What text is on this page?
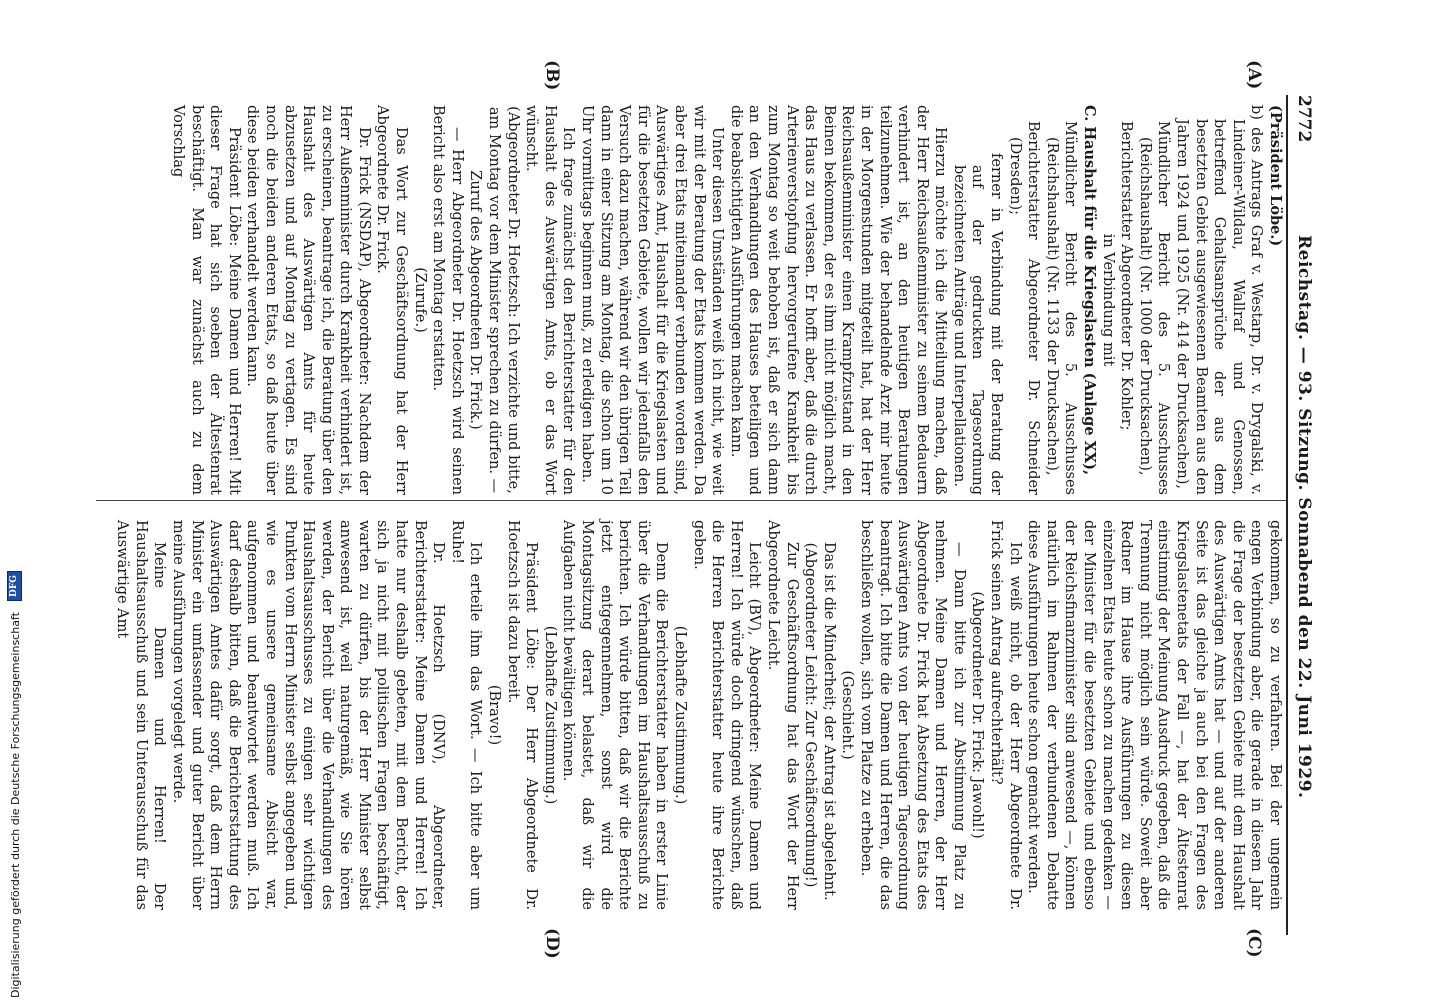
2772
Reichstag. — 93. Sitzung. Sonnabend den 22. Juni 1929.
(A)
(B)
(C)
(D)

(Präsident Löbe.)

b) des Antrags Graf v. Westarp, Dr. v. Drygalski, v. Lindeiner-Wildau, Wallraf und Genossen, betreffend Gehaltsansprüche der aus dem besetzten Gebiet ausgewiesenen Beamten aus den Jahren 1924 und 1925 (Nr. 414 der Drucksachen),

Mündlicher Bericht des 5. Ausschusses (Reichshaushalt) (Nr. 1000 der Drucksachen),

Berichterstatter Abgeordneter Dr. Kohler;

in Verbindung mit

C. Haushalt für die Kriegslasten (Anlage XX),

Mündlicher Bericht des 5. Ausschusses (Reichshaushalt) (Nr. 1133 der Drucksachen),

Berichterstatter Abgeordneter Dr. Schneider (Dresden);

ferner in Verbindung mit der Beratung der auf der gedruckten Tagesordnung bezeichneten Anträge und Interpellationen.

Hierzu möchte ich die Mitteilung machen, daß der Herr Reichsaußenminister zu seinem Bedauern verhindert ist, an den heutigen Beratungen teilzunehmen. Wie der behandelnde Arzt mir heute in der Morgenstunden mitgeteilt hat, hat der Herr Reichsaußenminister einen Krampfzustand in den Beinen bekommen, der es ihm nicht möglich macht, das Haus zu verlassen. Er hofft aber, daß die durch Arterienverstopfung hervorgerufene Krankheit bis zum Montag so weit behoben ist, daß er sich dann an den Verhandlungen des Hauses beteiligen und die beabsichtigten Ausführungen machen kann.

Unter diesen Umständen weiß ich nicht, wie weit wir mit der Beratung der Etats kommen werden. Da aber drei Etats miteinander verbunden worden sind, Auswärtiges Amt, Haushalt für die Kriegslasten und für die besetzten Gebiete, wollen wir jedenfalls den Versuch dazu machen, während wir den übrigen Teil dann in einer Sitzung am Montag, die schon um 10 Uhr vormittags beginnen muß, zu erledigen haben.

Ich frage zunächst den Berichterstatter für den Haushalt des Auswärtigen Amts, ob er das Wort wünscht.

(Abgeordneter Dr. Hoetzsch: Ich verzichte und bitte, am Montag vor dem Minister sprechen zu dürfen. — Zuruf des Abgeordneten Dr. Frick.)

— Herr Abgeordneter Dr. Hoetzsch wird seinen Bericht also erst am Montag erstatten.

(Zurufe.)

Das Wort zur Geschäftsordnung hat der Herr Abgeordnete Dr. Frick.

Dr. Frick (NSDAP), Abgeordneter: Nachdem der Herr Außenminister durch Krankheit verhindert ist, zu erscheinen, beantrage ich, die Beratung über den Haushalt des Auswärtigen Amts für heute abzusetzen und auf Montag zu vertagen. Es sind noch die beiden anderen Etats, so daß heute über diese beiden verhandelt werden kann.

Präsident Löbe: Meine Damen und Herren! Mit dieser Frage hat sich soeben der Ältestenrat beschäftigt. Man war zunächst auch zu dem Vorschlag

gekommen, so zu verfahren. Bei der ungemein engen Verbindung aber, die gerade in diesem Jahr die Frage der besetzten Gebiete mit dem Haushalt des Auswärtigen Amts hat — und auf der anderen Seite ist das gleiche ja auch bei den Fragen des Kriegslastenetats der Fall —, hat der Ältestenrat einstimmig der Meinung Ausdruck gegeben, daß die Trennung nicht möglich sein würde. Soweit aber Redner im Hause ihre Ausführungen zu diesen einzelnen Etats heute schon zu machen gedenken — der Minister für die besetzten Gebiete und ebenso der Reichsfinanzminister sind anwesend —, können natürlich im Rahmen der verbundenen Debatte diese Ausführungen heute schon gemacht werden.

Ich weiß nicht, ob der Herr Abgeordnete Dr. Frick seinen Antrag aufrechterhält?

(Abgeordneter Dr. Frick: Jawohl!)

— Dann bitte ich zur Abstimmung Platz zu nehmen. Meine Damen und Herren, der Herr Abgeordnete Dr. Frick hat Absetzung des Etats des Auswärtigen Amts von der heutigen Tagesordnung beantragt. Ich bitte die Damen und Herren, die das beschließen wollen, sich vom Platze zu erheben.

(Geschieht.)

Das ist die Minderheit; der Antrag ist abgelehnt.

(Abgeordneter Leicht: Zur Geschäftsordnung!)

Zur Geschäftsordnung hat das Wort der Herr Abgeordnete Leicht.

Leicht (BV), Abgeordneter: Meine Damen und Herren! Ich würde doch dringend wünschen, daß die Herren Berichterstatter heute ihre Berichte geben.

(Lebhafte Zustimmung.)

Denn die Berichterstatter haben in erster Linie über die Verhandlungen im Haushaltsausschuß zu berichten. Ich würde bitten, daß wir die Berichte jetzt entgegennehmen, sonst wird die Montagsitzung derart belastet, daß wir die Aufgaben nicht bewältigen können.

(Lebhafte Zustimmung.)

Präsident Löbe: Der Herr Abgeordnete Dr. Hoetzsch ist dazu bereit.

(Bravo!)

Ich erteile ihm das Wort. — Ich bitte aber um Ruhe!

Dr. Hoetzsch (DNV), Abgeordneter, Berichterstatter: Meine Damen und Herren! Ich hatte nur deshalb gebeten, mit dem Bericht, der sich ja nicht mit politischen Fragen beschäftigt, warten zu dürfen, bis der Herr Minister selbst anwesend ist, weil naturgemäß, wie Sie hören werden, der Bericht über die Verhandlungen des Haushaltsausschusses zu einigen sehr wichtigen Punkten vom Herrn Minister selbst angegeben und, wie es unsere gemeinsame Absicht war, aufgenommen und beantwortet werden muß. Ich darf deshalb bitten, daß die Berichterstattung des Auswärtigen Amtes dafür sorgt, daß dem Herrn Minister ein umfassender und guter Bericht über meine Ausführungen vorgelegt werde.

Meine Damen und Herren! Der Haushaltsausschuß und sein Unterausschuß für das Auswärtige Amt

Digitalisierung gefördert durch die Deutsche Forschungsgemeinschaft DFG
